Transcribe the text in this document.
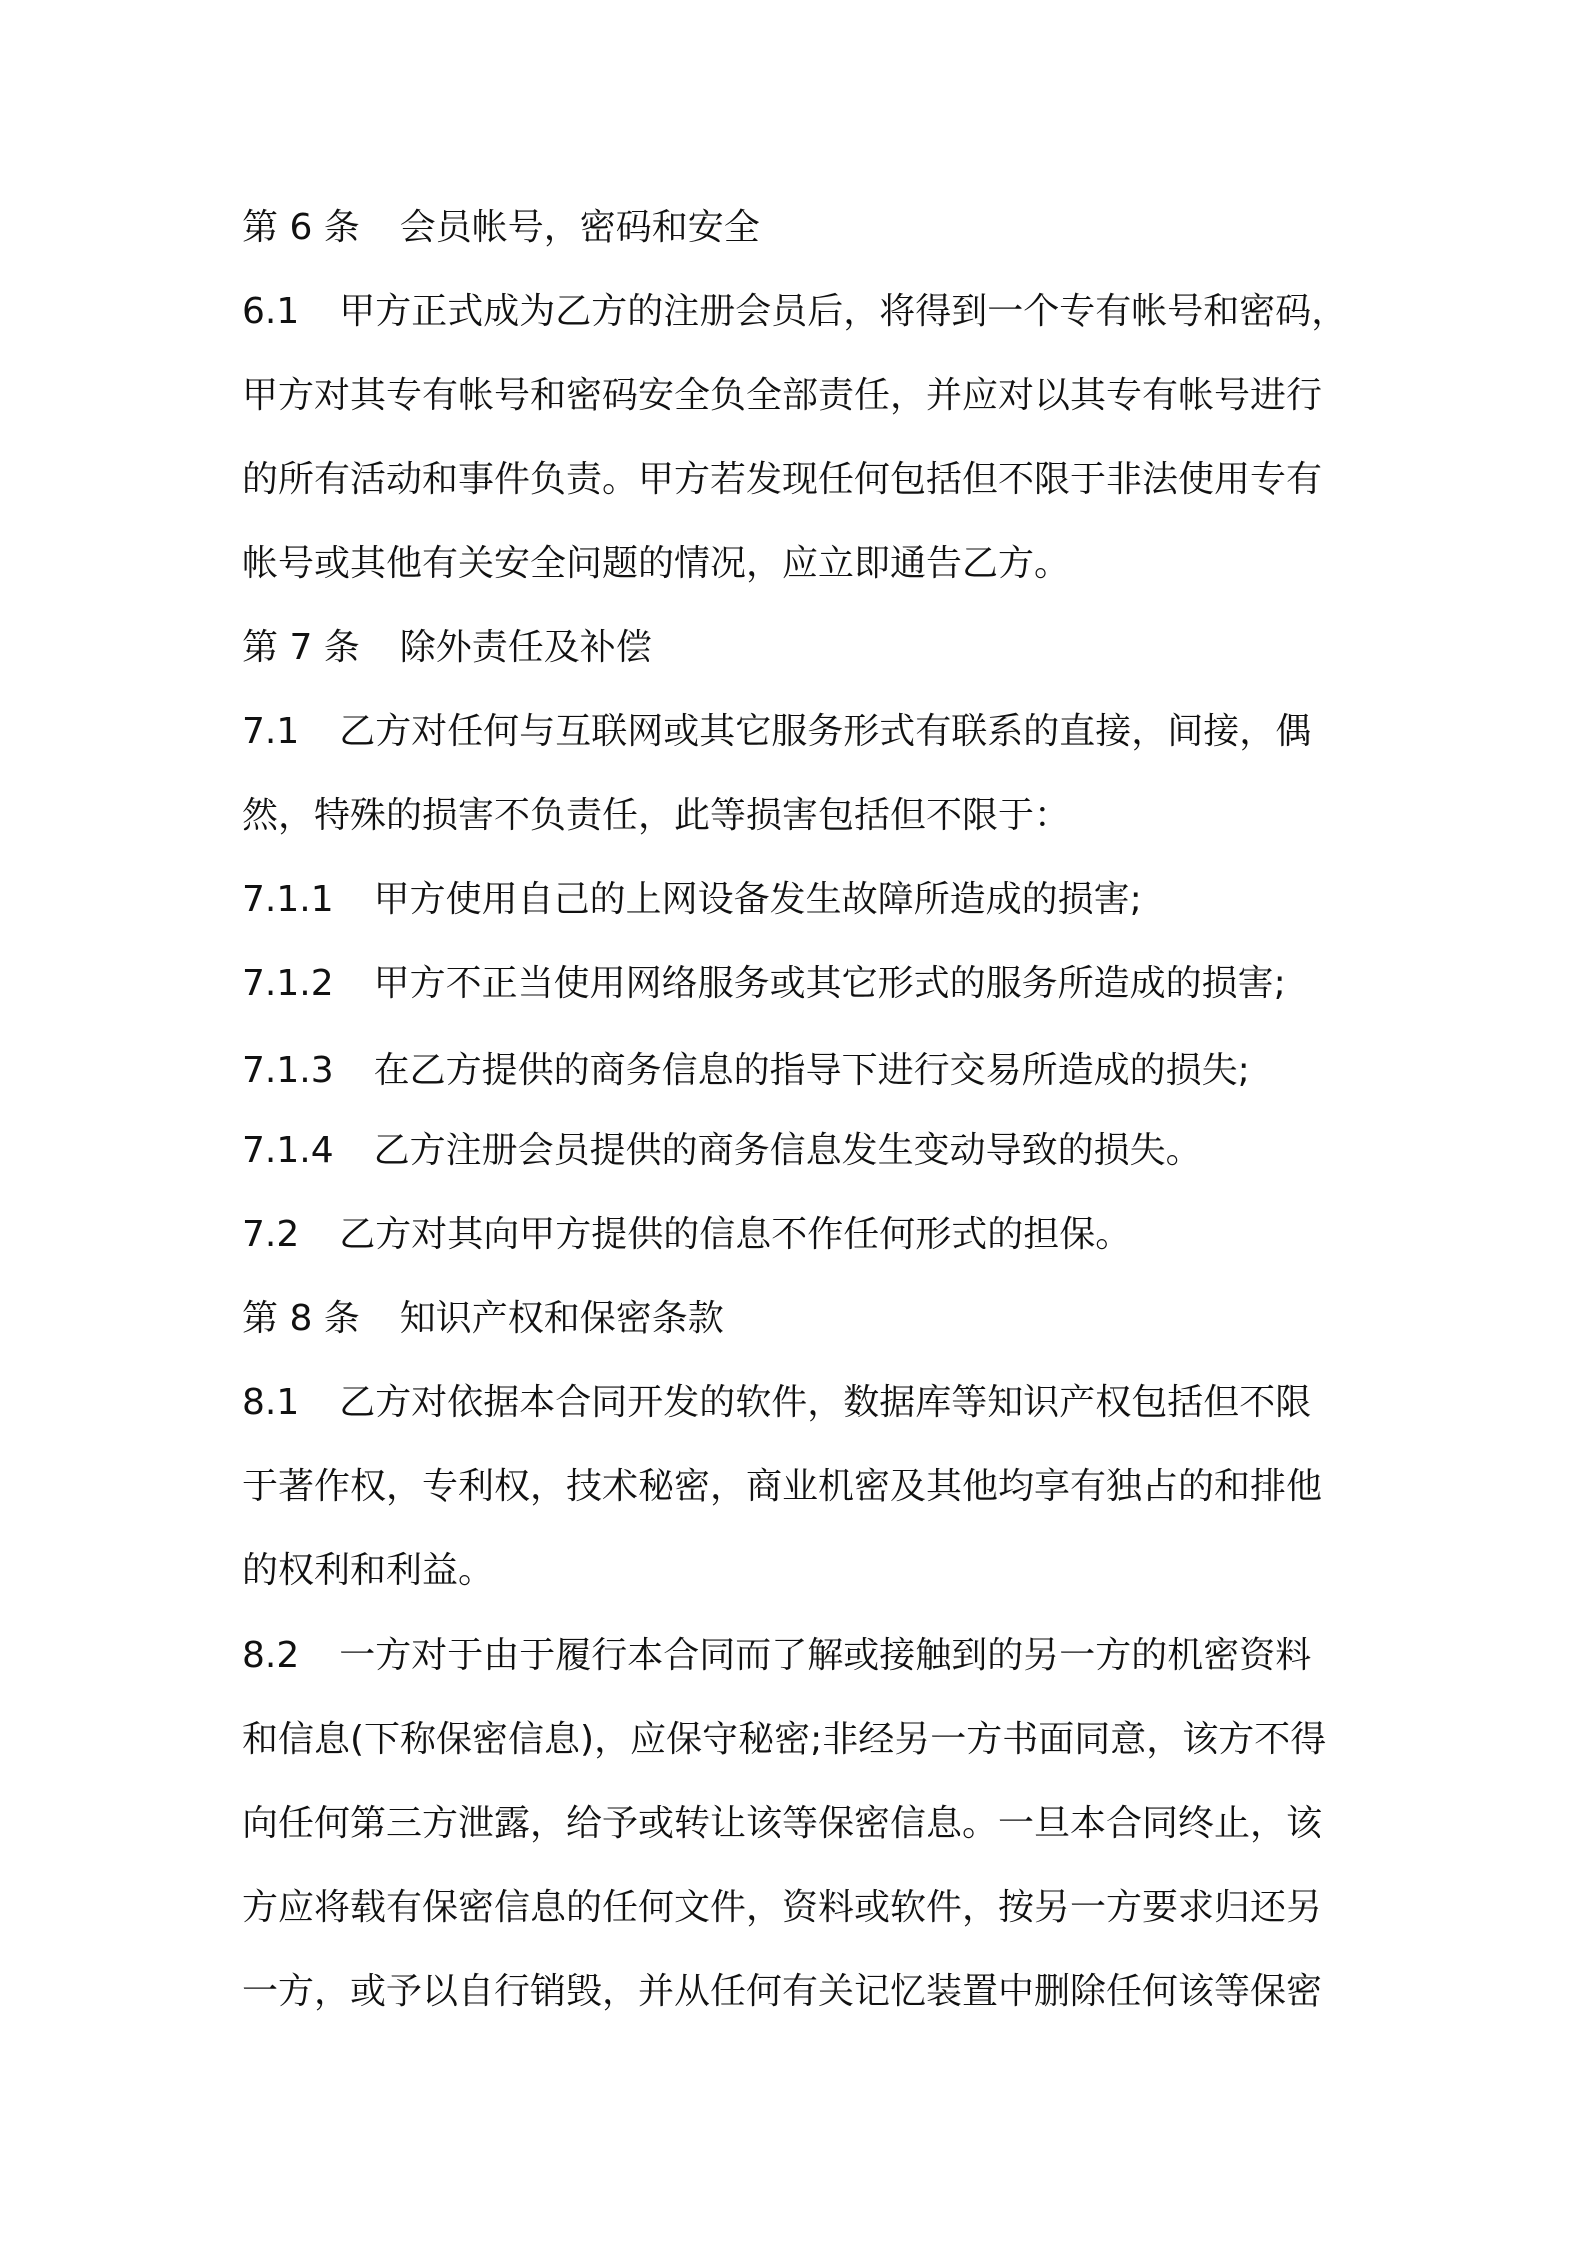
第 6 条 会员帐号，密码和安全
6.1 甲方正式成为乙方的注册会员后，将得到一个专有帐号和密码，
甲方对其专有帐号和密码安全负全部责任，并应对以其专有帐号进行
的所有活动和事件负责。甲方若发现任何包括但不限于非法使用专有
帐号或其他有关安全问题的情况，应立即通告乙方。
第 7 条 除外责任及补偿
7.1 乙方对任何与互联网或其它服务形式有联系的直接，间接，偶
然，特殊的损害不负责任，此等损害包括但不限于：
7.1.1 甲方使用自己的上网设备发生故障所造成的损害;
7.1.2 甲方不正当使用网络服务或其它形式的服务所造成的损害;
7.1.3 在乙方提供的商务信息的指导下进行交易所造成的损失;
7.1.4 乙方注册会员提供的商务信息发生变动导致的损失。
7.2 乙方对其向甲方提供的信息不作任何形式的担保。
第 8 条 知识产权和保密条款
8.1 乙方对依据本合同开发的软件，数据库等知识产权包括但不限
于著作权，专利权，技术秘密，商业机密及其他均享有独占的和排他
的权利和利益。
8.2 一方对于由于履行本合同而了解或接触到的另一方的机密资料
和信息(下称保密信息)，应保守秘密;非经另一方书面同意，该方不得
向任何第三方泄露，给予或转让该等保密信息。一旦本合同终止，该
方应将载有保密信息的任何文件，资料或软件，按另一方要求归还另
一方，或予以自行销毁，并从任何有关记忆装置中删除任何该等保密
